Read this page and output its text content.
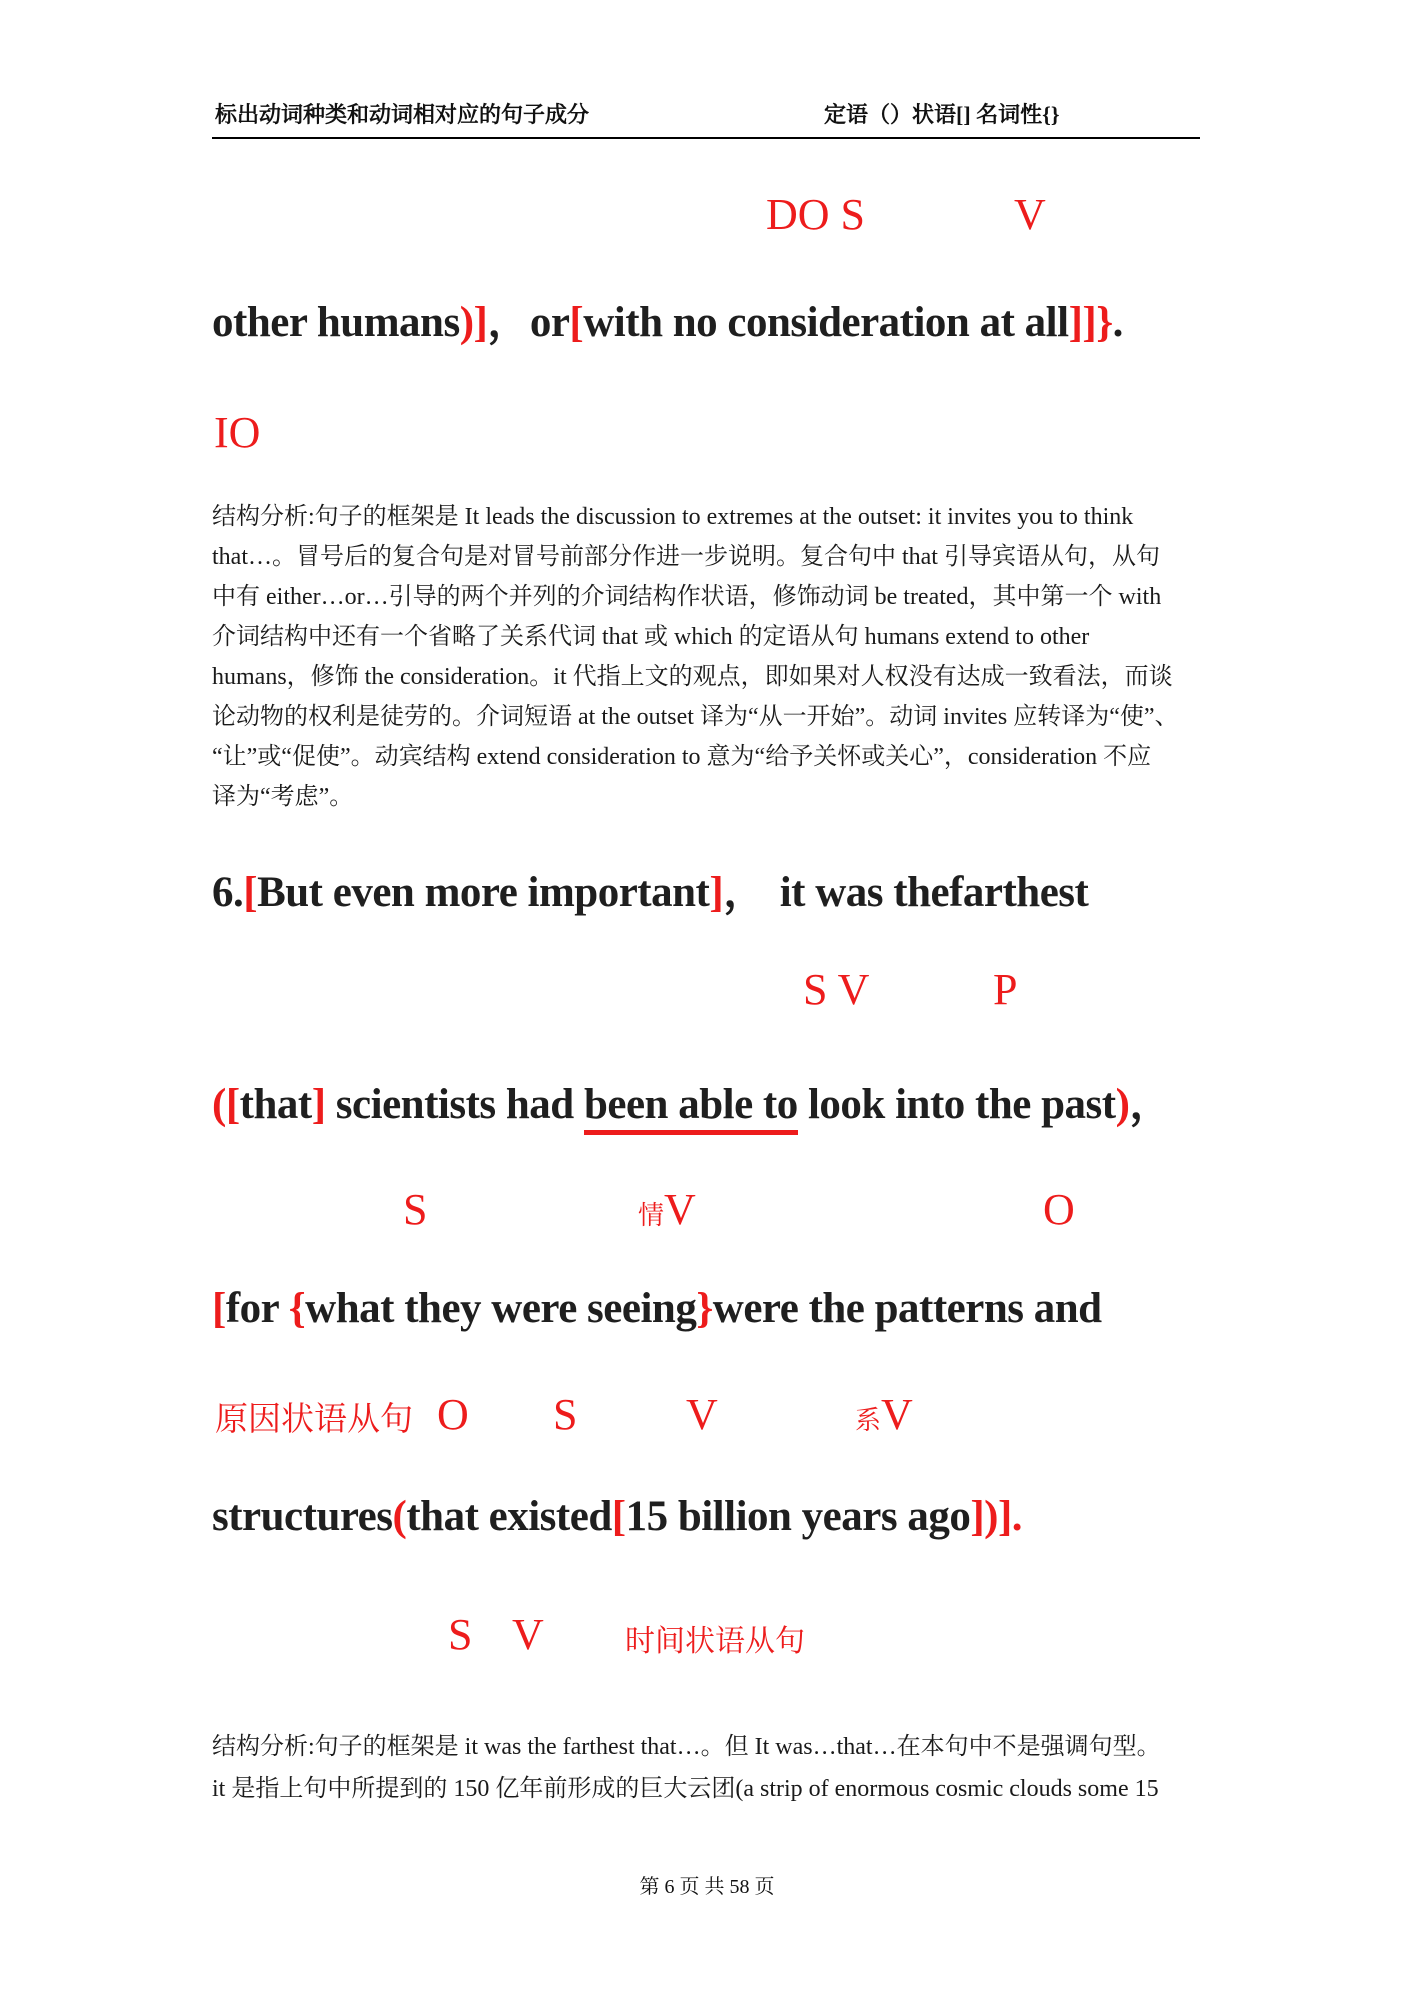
标出动词种类和动词相对应的句子成分	定语（）状语[] 名词性{}
DO S	V
other humans)]，or[with no consideration at all]]}.
IO
结构分析:句子的框架是 It leads the discussion to extremes at the outset: it invites you to think
that…。冒号后的复合句是对冒号前部分作进一步说明。复合句中 that 引导宾语从句，从句
中有 either…or…引导的两个并列的介词结构作状语，修饰动词 be treated，其中第一个 with
介词结构中还有一个省略了关系代词 that 或 which 的定语从句 humans extend to other
humans，修饰 the consideration。it 代指上文的观点，即如果对人权没有达成一致看法，而谈
论动物的权利是徒劳的。介词短语 at the outset 译为“从一开始”。动词 invites 应转译为“使”、
“让”或“促使”。动宾结构 extend consideration to 意为“给予关怀或关心”，consideration 不应
译为“考虑”。
6.[But even more important]， it was thefarthest
S V	P
([that] scientists had been able to look into the past)，
S	情V	O
[for {what they were seeing}were the patterns and
原因状语从句 O S V	系V
structures(that existed[15 billion years ago])].
S V	时间状语从句
结构分析:句子的框架是 it was the farthest that…。但 It was…that…在本句中不是强调句型。
it 是指上句中所提到的 150 亿年前形成的巨大云团(a strip of enormous cosmic clouds some 15
第 6 页 共 58 页
